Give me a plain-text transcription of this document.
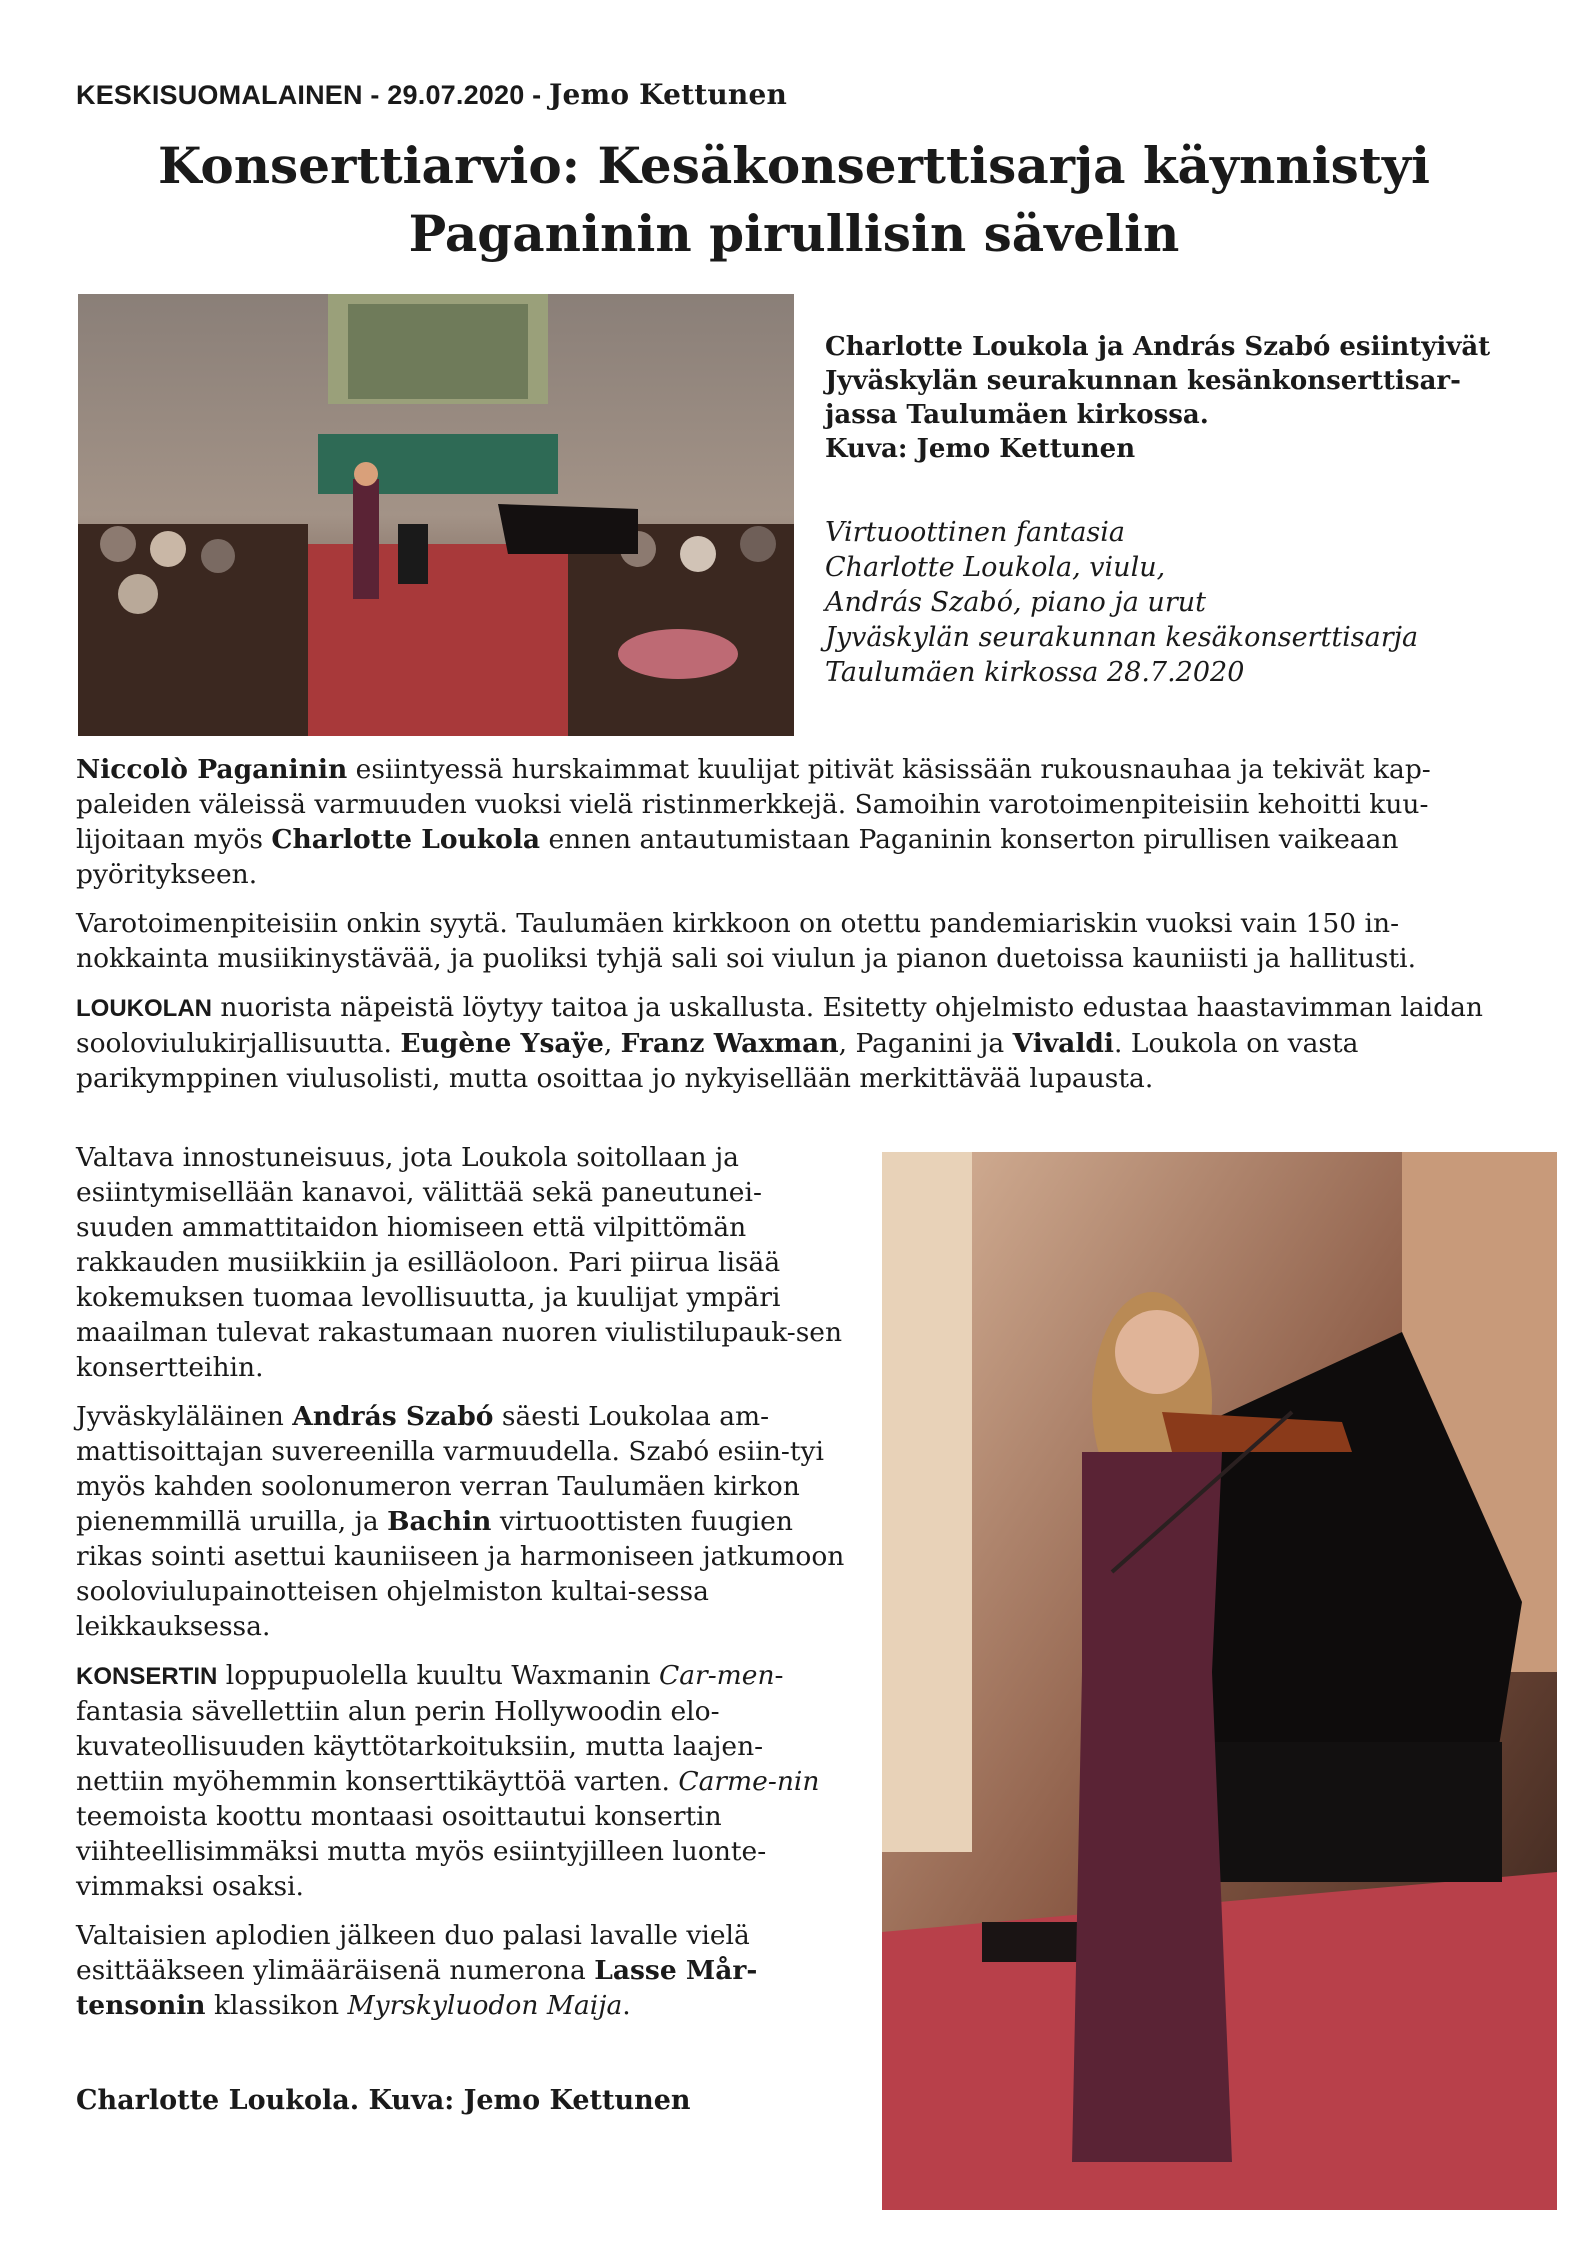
KESKISUOMALAINEN - 29.07.2020 - Jemo Kettunen
Konserttiarvio: Kesäkonserttisarja käynnistyi
Paganinin pirullisin sävelin

Charlotte Loukola ja András Szabó esiintyivät

Jyväskylän seurakunnan kesänkonserttisar-

jassa Taulumäen kirkossa.

Kuva: Jemo Kettunen

Virtuoottinen fantasia

Charlotte Loukola, viulu,

András Szabó, piano ja urut

Jyväskylän seurakunnan kesäkonserttisarja

Taulumäen kirkossa 28.7.2020

Niccolò Paganinin esiintyessä hurskaimmat kuulijat pitivät käsissään rukousnauhaa ja tekivät kap-paleiden väleissä varmuuden vuoksi vielä ristinmerkkejä. Samoihin varotoimenpiteisiin kehoitti kuu-lijoitaan myös Charlotte Loukola ennen antautumistaan Paganinin konserton pirullisen vaikeaan pyöritykseen.

Varotoimenpiteisiin onkin syytä. Taulumäen kirkkoon on otettu pandemiariskin vuoksi vain 150 in-nokkainta musiikinystävää, ja puoliksi tyhjä sali soi viulun ja pianon duetoissa kauniisti ja hallitusti.

LOUKOLAN nuorista näpeistä löytyy taitoa ja uskallusta. Esitetty ohjelmisto edustaa haastavimman laidan sooloviulukirjallisuutta. Eugène Ysaÿe, Franz Waxman, Paganini ja Vivaldi. Loukola on vasta parikymppinen viulusolisti, mutta osoittaa jo nykyisellään merkittävää lupausta.

Valtava innostuneisuus, jota Loukola soitollaan ja esiintymisellään kanavoi, välittää sekä paneutunei-suuden ammattitaidon hiomiseen että vilpittömän rakkauden musiikkiin ja esilläoloon. Pari piirua lisää kokemuksen tuomaa levollisuutta, ja kuulijat ympäri maailman tulevat rakastumaan nuoren viulistilupauk-sen konsertteihin.

Jyväskyläläinen András Szabó säesti Loukolaa am-mattisoittajan suvereenilla varmuudella. Szabó esiin-tyi myös kahden soolonumeron verran Taulumäen kirkon pienemmillä uruilla, ja Bachin virtuoottisten fuugien rikas sointi asettui kauniiseen ja harmoniseen jatkumoon sooloviulupainotteisen ohjelmiston kultai-sessa leikkauksessa.

KONSERTIN loppupuolella kuultu Waxmanin Car-men-fantasia sävellettiin alun perin Hollywoodin elo-kuvateollisuuden käyttötarkoituksiin, mutta laajen-nettiin myöhemmin konserttikäyttöä varten. Carme-nin teemoista koottu montaasi osoittautui konsertin viihteellisimmäksi mutta myös esiintyjilleen luonte-vimmaksi osaksi.

Valtaisien aplodien jälkeen duo palasi lavalle vielä esittääkseen ylimääräisenä numerona Lasse Mår-tensonin klassikon Myrskyluodon Maija.

Charlotte Loukola. Kuva: Jemo Kettunen
